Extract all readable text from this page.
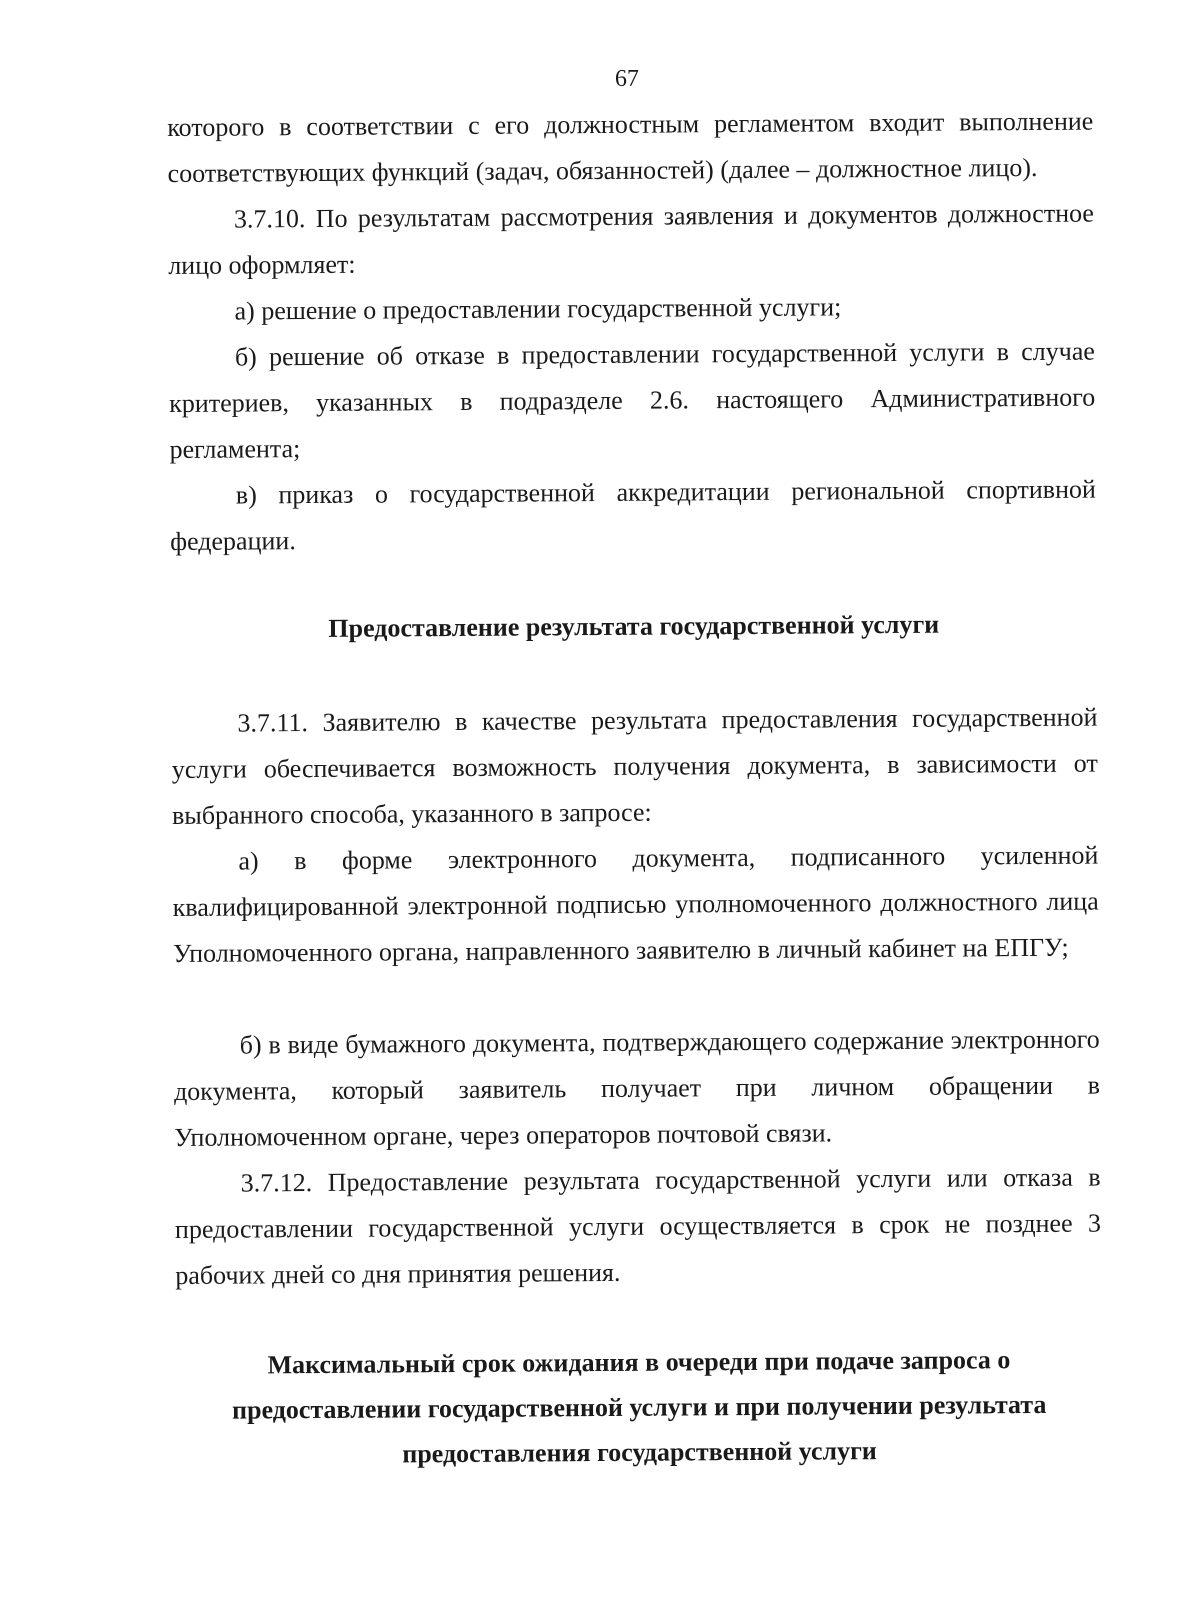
67

которого в соответствии с его должностным регламентом входит выполнение соответствующих функций (задач, обязанностей) (далее – должностное лицо).

3.7.10. По результатам рассмотрения заявления и документов должностное лицо оформляет:

а) решение о предоставлении государственной услуги;

б) решение об отказе в предоставлении государственной услуги в случае критериев, указанных в подразделе 2.6. настоящего Административного регламента;

в) приказ о государственной аккредитации региональной спортивной федерации.

Предоставление результата государственной услуги

3.7.11. Заявителю в качестве результата предоставления государственной услуги обеспечивается возможность получения документа, в зависимости от выбранного способа, указанного в запросе:

а) в форме электронного документа, подписанного усиленной квалифицированной электронной подписью уполномоченного должностного лица Уполномоченного органа, направленного заявителю в личный кабинет на ЕПГУ;

б) в виде бумажного документа, подтверждающего содержание электронного документа, который заявитель получает при личном обращении в Уполномоченном органе, через операторов почтовой связи.

3.7.12. Предоставление результата государственной услуги или отказа в предоставлении государственной услуги осуществляется в срок не позднее 3 рабочих дней со дня принятия решения.

Максимальный срок ожидания в очереди при подаче запроса о предоставлении государственной услуги и при получении результата предоставления государственной услуги
